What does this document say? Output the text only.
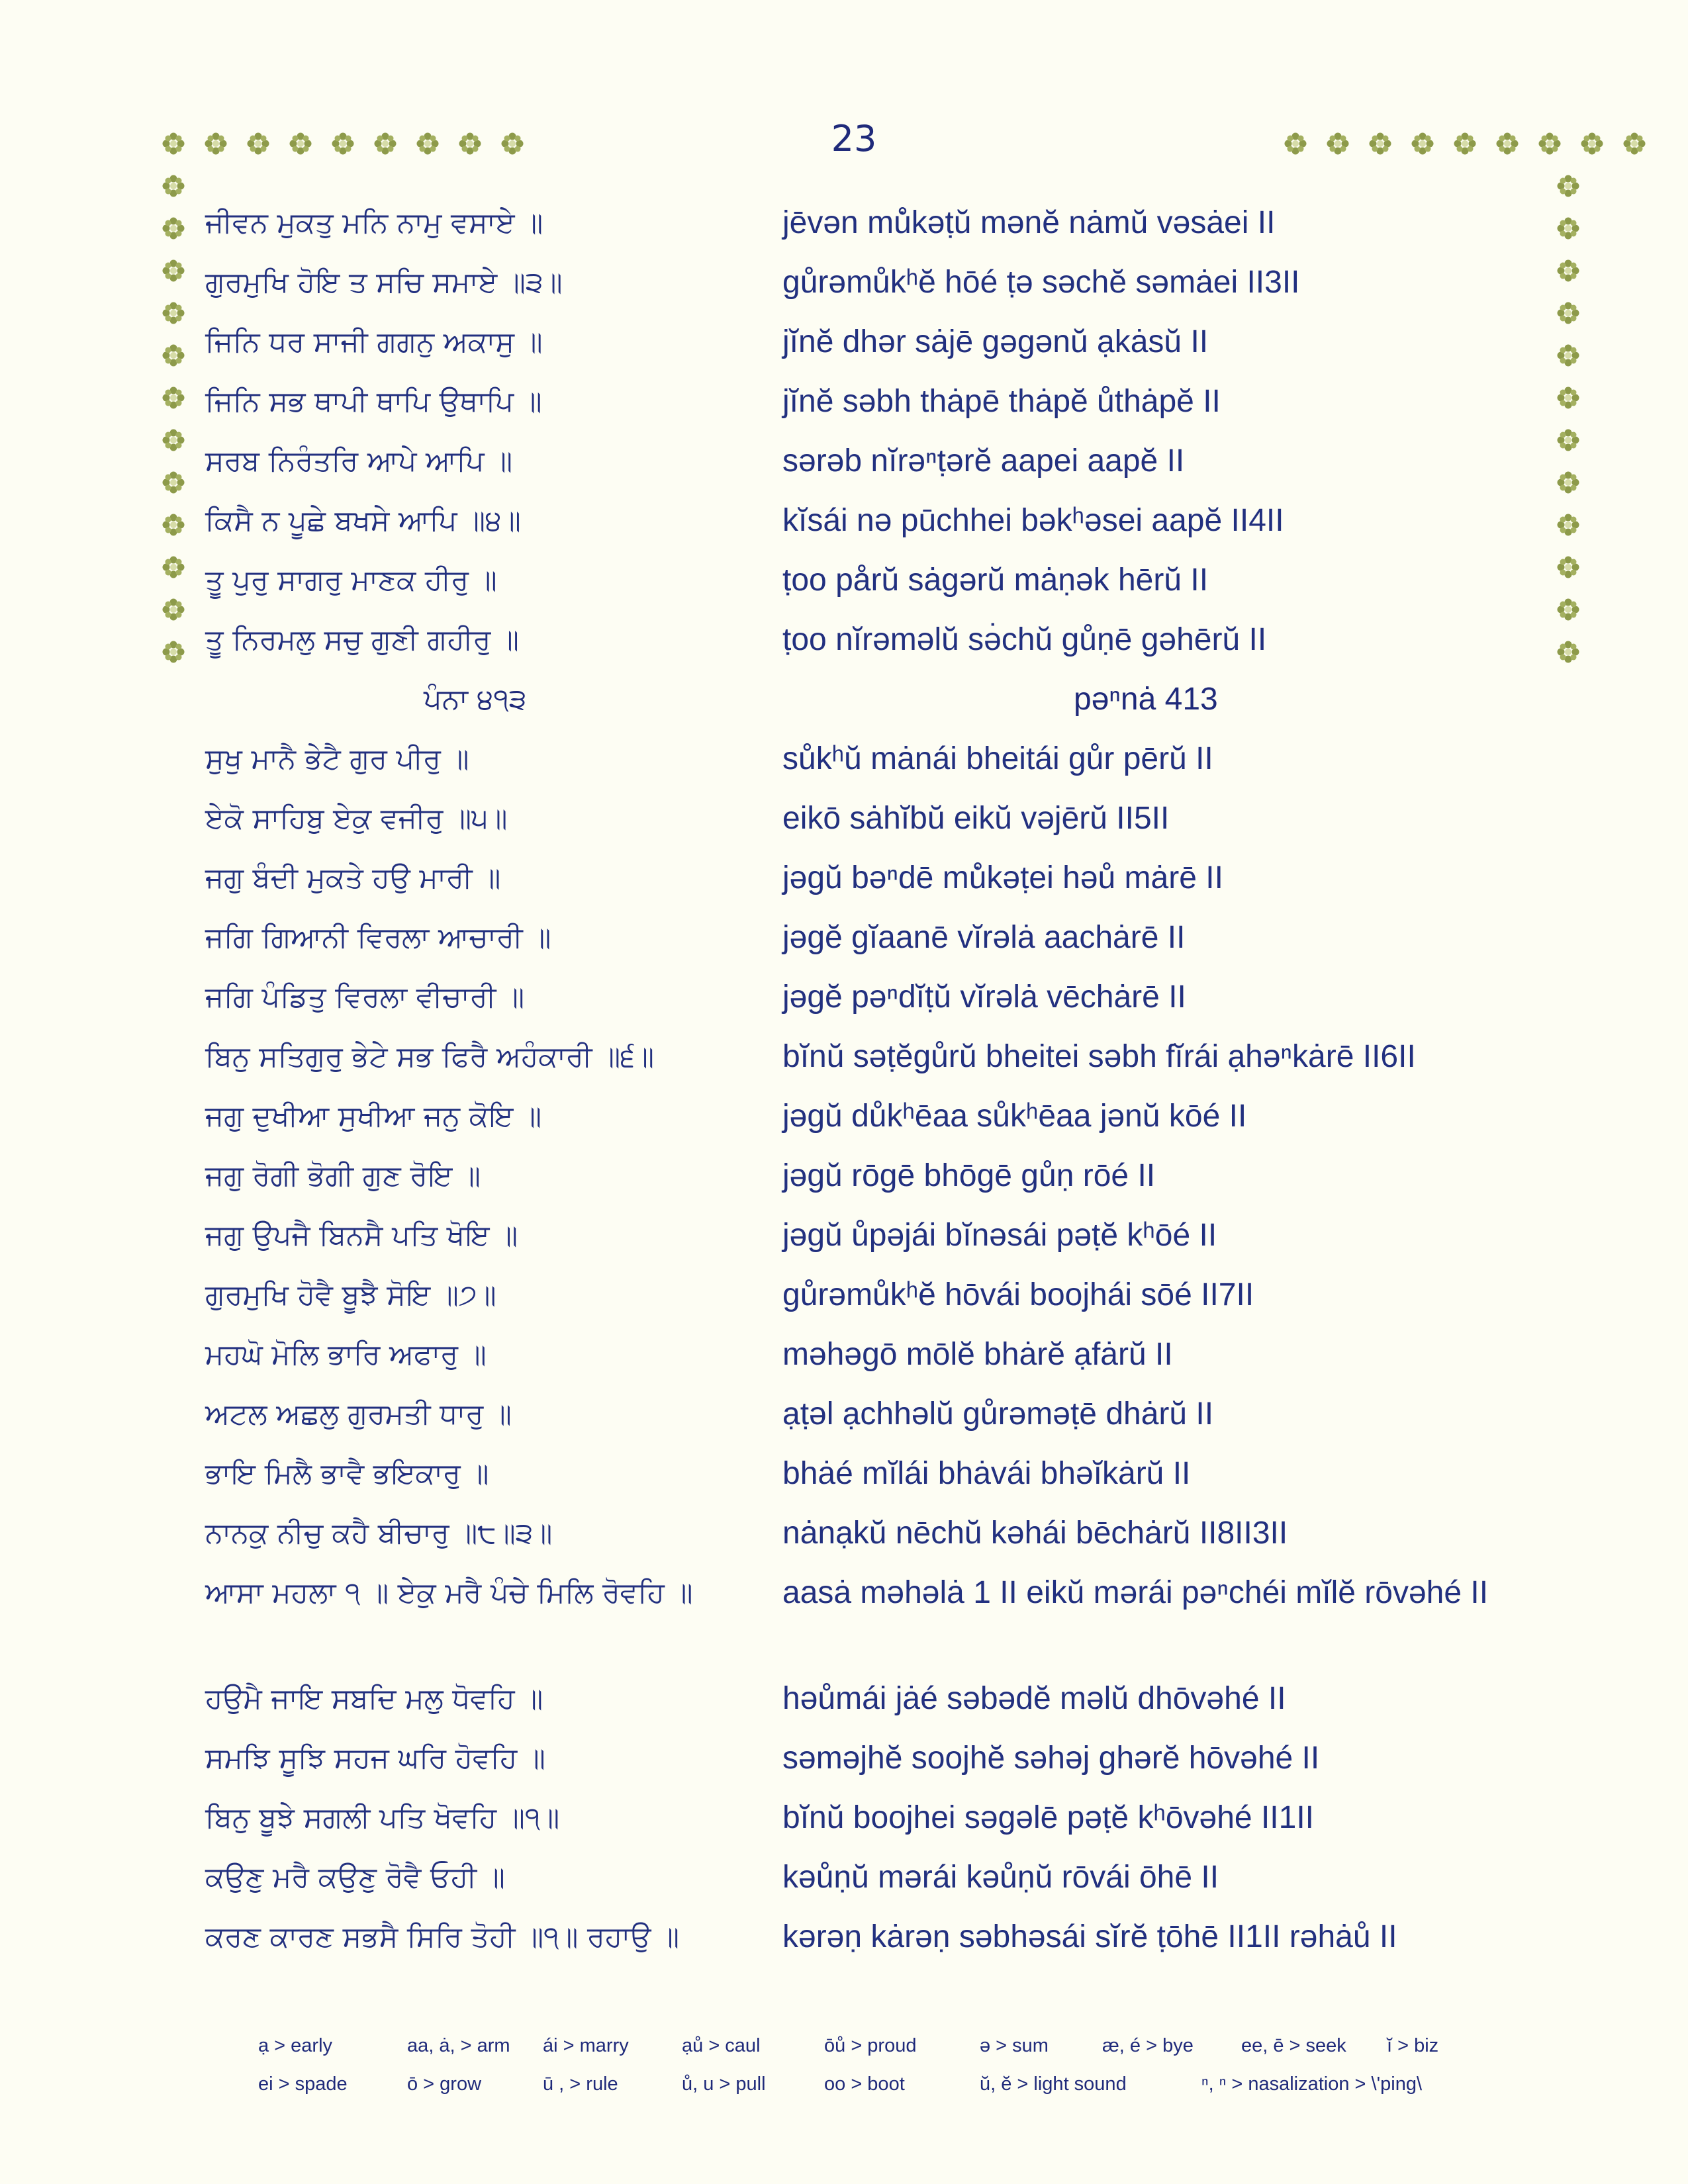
23
ਜੀਵਨ ਮੁਕਤੁ ਮਨਿ ਨਾਮੁ ਵਸਾਏ ॥	jēvən mů̇kəṭŭ mənĕ nȧmŭ vəsȧei II
ਗੁਰਮੁਖਿ ਹੋਇ ਤ ਸਚਿ ਸਮਾਏ ॥੩॥	gůrəmůkʰĕ hōé ṭə səchĕ səmȧei II3II
ਜਿਨਿ ਧਰ ਸਾਜੀ ਗਗਨੁ ਅਕਾਸੁ ॥	jĭnĕ dhər sȧjē gəgənŭ ạkȧsŭ II
ਜਿਨਿ ਸਭ ਥਾਪੀ ਥਾਪਿ ਉਥਾਪਿ ॥	jĭnĕ səbh thȧpē thȧpĕ ůthȧpĕ II
ਸਰਬ ਨਿਰੰਤਰਿ ਆਪੇ ਆਪਿ ॥	sərəb nĭrəⁿṭərĕ aapei aapĕ II
ਕਿਸੈ ਨ ਪੂਛੇ ਬਖਸੇ ਆਪਿ ॥੪॥	kĭsái nə pūchhei bəkʰəsei aapĕ II4II
ਤੂ ਪੁਰੁ ਸਾਗਰੁ ਮਾਣਕ ਹੀਰੁ ॥	ṭoo pårŭ sȧgərŭ mȧṇək hērŭ II
ਤੂ ਨਿਰਮਲੁ ਸਚੁ ਗੁਣੀ ਗਹੀਰੁ ॥	ṭoo nĭrəməlŭ sə̇chŭ gůṇē gəhērŭ II
ਪੰਨਾ ੪੧੩	pəⁿnȧ 413
ਸੁਖੁ ਮਾਨੈ ਭੇਟੈ ਗੁਰ ਪੀਰੁ ॥	sůkʰŭ mȧnái bheitái gůr pērŭ II
ਏਕੋ ਸਾਹਿਬੁ ਏਕੁ ਵਜੀਰੁ ॥੫॥	eikō sȧhĭbŭ eikŭ vəjērŭ II5II
ਜਗੁ ਬੰਦੀ ਮੁਕਤੇ ਹਉ ਮਾਰੀ ॥	jəgŭ bəⁿdē mů̇kəṭei həů mȧrē II
ਜਗਿ ਗਿਆਨੀ ਵਿਰਲਾ ਆਚਾਰੀ ॥	jəgĕ gĭaanē vĭrəlȧ aachȧrē II
ਜਗਿ ਪੰਡਿਤੁ ਵਿਰਲਾ ਵੀਚਾਰੀ ॥	jəgĕ pəⁿdĭṭŭ vĭrəlȧ vēchȧrē II
ਬਿਨੁ ਸਤਿਗੁਰੁ ਭੇਟੇ ਸਭ ਫਿਰੈ ਅਹੰਕਾਰੀ ॥੬॥	bĭnŭ səṭĕgůrŭ bheitei səbh fĭrái ạhəⁿkȧrē II6II
ਜਗੁ ਦੁਖੀਆ ਸੁਖੀਆ ਜਨੁ ਕੋਇ ॥	jəgŭ důkʰēaa sůkʰēaa jənŭ kōé II
ਜਗੁ ਰੋਗੀ ਭੋਗੀ ਗੁਣ ਰੋਇ ॥	jəgŭ rōgē bhōgē gůṇ rōé II
ਜਗੁ ਉਪਜੈ ਬਿਨਸੈ ਪਤਿ ਖੋਇ ॥	jəgŭ ůpəjái bĭnəsái pəṭĕ kʰōé II
ਗੁਰਮੁਖਿ ਹੋਵੈ ਬੂਝੈ ਸੋਇ ॥੭॥	gůrəmůkʰĕ hōvái boojhái sōé II7II
ਮਹਘੋ ਮੋਲਿ ਭਾਰਿ ਅਫਾਰੁ ॥	məhəgō mōlĕ bhȧrĕ ạfȧrŭ II
ਅਟਲ ਅਛਲੁ ਗੁਰਮਤੀ ਧਾਰੁ ॥	ạṭəl ạchhəlŭ gůrəməṭē dhȧrŭ II
ਭਾਇ ਮਿਲੈ ਭਾਵੈ ਭਇਕਾਰੁ ॥	bhȧé mĭlái bhȧvái bhəĭkȧrŭ II
ਨਾਨਕੁ ਨੀਚੁ ਕਹੈ ਬੀਚਾਰੁ ॥੮॥੩॥	nȧnạkŭ nēchŭ kəhái bēchȧrŭ II8II3II
ਆਸਾ ਮਹਲਾ ੧ ॥ ਏਕੁ ਮਰੈ ਪੰਚੇ ਮਿਲਿ ਰੋਵਹਿ ॥	aasȧ məhəlȧ 1 II eikŭ mərái pəⁿchéi mĭlĕ rōvəhé II
ਹਉਮੈ ਜਾਇ ਸਬਦਿ ਮਲੁ ਧੋਵਹਿ ॥	həůmái jȧé səbədĕ məlŭ dhōvəhé II
ਸਮਝਿ ਸੂਝਿ ਸਹਜ ਘਰਿ ਹੋਵਹਿ ॥	səməjhĕ soojhĕ səhəj ghərĕ hōvəhé II
ਬਿਨੁ ਬੂਝੇ ਸਗਲੀ ਪਤਿ ਖੋਵਹਿ ॥੧॥	bĭnŭ boojhei səgəlē pəṭĕ kʰōvəhé II1II
ਕਉਣੁ ਮਰੈ ਕਉਣੁ ਰੋਵੈ ਓਹੀ ॥	kəůṇŭ mərái kəůṇŭ rōvái ōhē II
ਕਰਣ ਕਾਰਣ ਸਭਸੈ ਸਿਰਿ ਤੋਹੀ ॥੧॥ ਰਹਾਉ ॥	kərəṇ kȧrəṇ səbhəsái sĭrĕ ṭōhē II1II rəhȧů II
ạ > early	aa, ȧ, > arm ái > marry	ạů > caul	ōů > proud	ə > sum	æ, é > bye ee, ē > seek ĭ > biz
ei > spade	ō > grow	ū , > rule	ů, u > pull	oo > boot	ŭ, ĕ > light sound	ⁿ, ⁿ > nasalization > \'ping\
